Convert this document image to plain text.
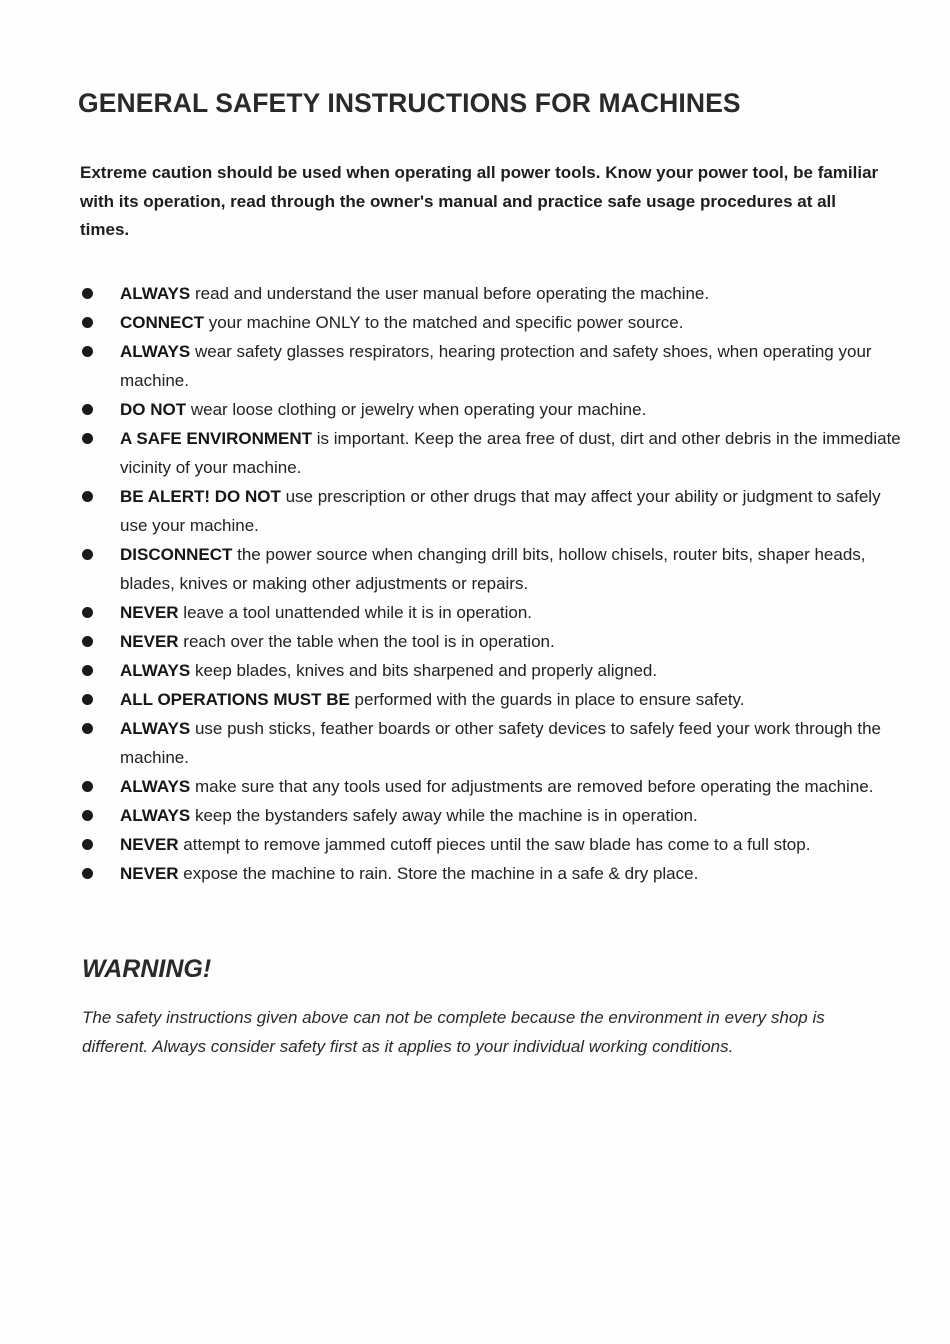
GENERAL SAFETY INSTRUCTIONS FOR MACHINES

Extreme caution should be used when operating all power tools. Know your power tool, be familiar with its operation, read through the owner's manual and practice safe usage procedures at all times.

ALWAYS read and understand the user manual before operating the machine.
CONNECT your machine ONLY to the matched and specific power source.
ALWAYS wear safety glasses respirators, hearing protection and safety shoes, when operating your machine.
DO NOT wear loose clothing or jewelry when operating your machine.
A SAFE ENVIRONMENT is important. Keep the area free of dust, dirt and other debris in the immediate vicinity of your machine.
BE ALERT! DO NOT use prescription or other drugs that may affect your ability or judgment to safely use your machine.
DISCONNECT the power source when changing drill bits, hollow chisels, router bits, shaper heads, blades, knives or making other adjustments or repairs.
NEVER leave a tool unattended while it is in operation.
NEVER reach over the table when the tool is in operation.
ALWAYS keep blades, knives and bits sharpened and properly aligned.
ALL OPERATIONS MUST BE performed with the guards in place to ensure safety.
ALWAYS use push sticks, feather boards or other safety devices to safely feed your work through the machine.
ALWAYS make sure that any tools used for adjustments are removed before operating the machine.
ALWAYS keep the bystanders safely away while the machine is in operation.
NEVER attempt to remove jammed cutoff pieces until the saw blade has come to a full stop.
NEVER expose the machine to rain. Store the machine in a safe & dry place.
WARNING!

The safety instructions given above can not be complete because the environment in every shop is different. Always consider safety first as it applies to your individual working conditions.
